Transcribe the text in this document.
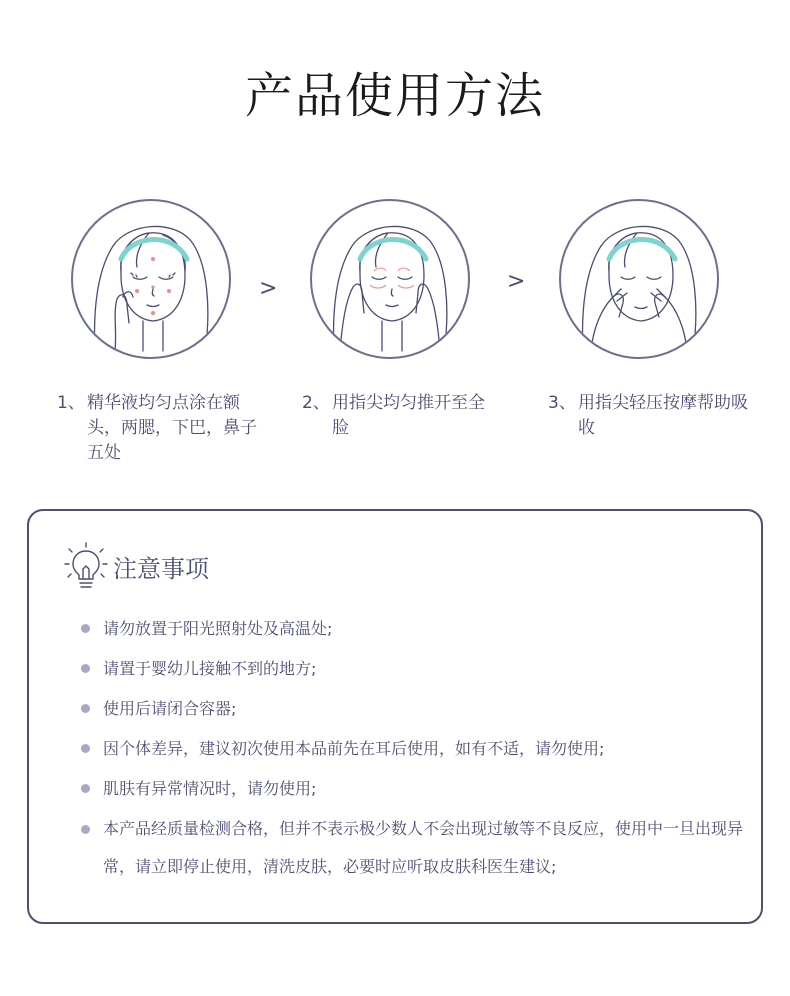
产品使用方法
>	>
1、 精华液均匀点涂在额头，两腮，下巴，鼻子五处
2、 用指尖均匀推开至全脸
3、 用指尖轻压按摩帮助吸收
注意事项
请勿放置于阳光照射处及高温处;
请置于婴幼儿接触不到的地方;
使用后请闭合容器;
因个体差异，建议初次使用本品前先在耳后使用，如有不适，请勿使用;
肌肤有异常情况时，请勿使用;
本产品经质量检测合格，但并不表示极少数人不会出现过敏等不良反应，使用中一旦出现异常，请立即停止使用，清洗皮肤，必要时应听取皮肤科医生建议;
